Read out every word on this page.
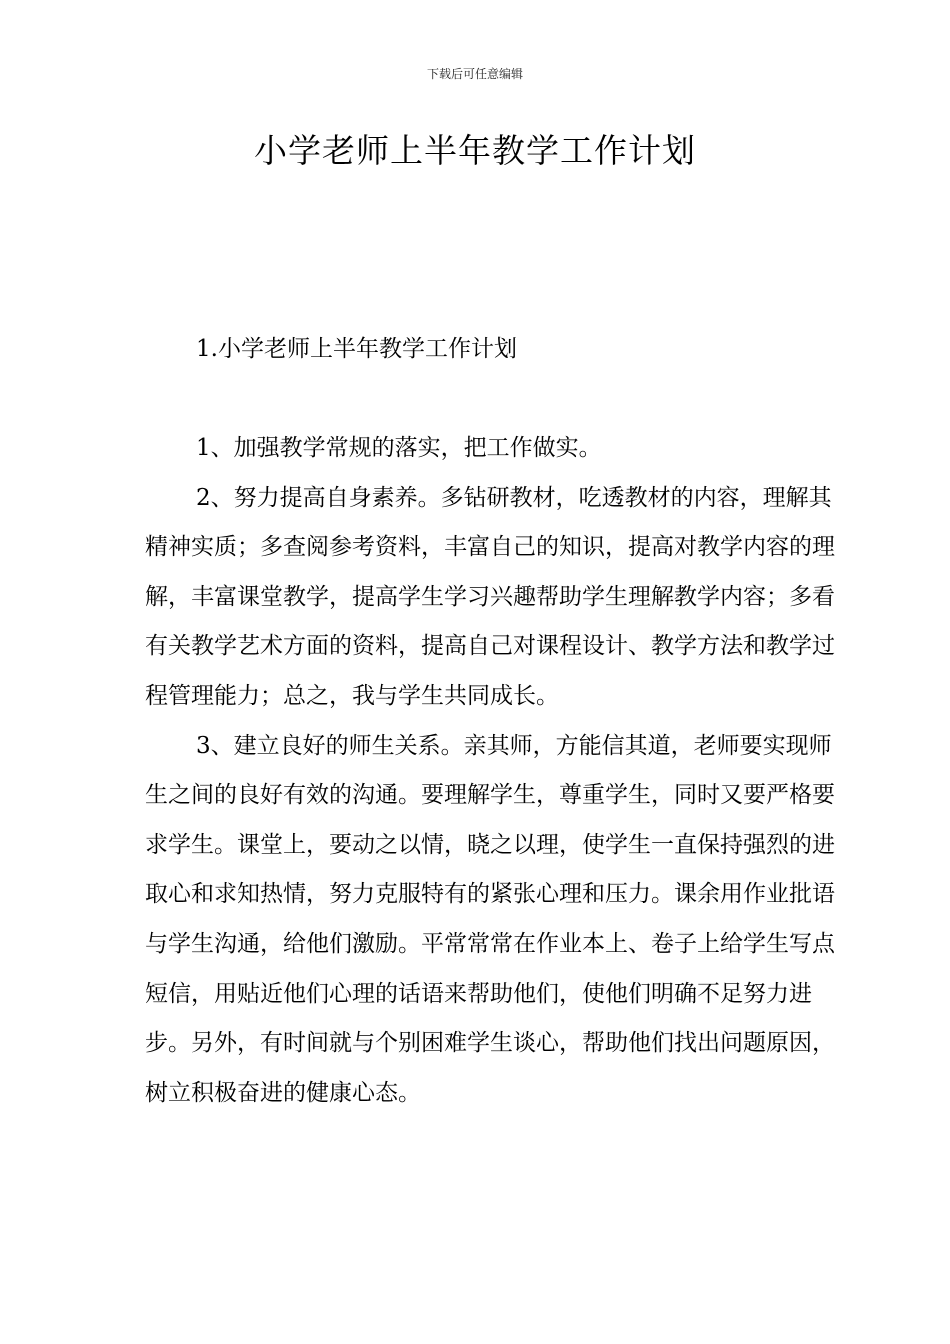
下载后可任意编辑
小学老师上半年教学工作计划
1.小学老师上半年教学工作计划

1、加强教学常规的落实，把工作做实。

2、努力提高自身素养。多钻研教材，吃透教材的内容，理解其精神实质；多查阅参考资料，丰富自己的知识，提高对教学内容的理解，丰富课堂教学，提高学生学习兴趣帮助学生理解教学内容；多看有关教学艺术方面的资料，提高自己对课程设计、教学方法和教学过程管理能力；总之，我与学生共同成长。

3、建立良好的师生关系。亲其师，方能信其道，老师要实现师生之间的良好有效的沟通。要理解学生，尊重学生，同时又要严格要求学生。课堂上，要动之以情，晓之以理，使学生一直保持强烈的进取心和求知热情，努力克服特有的紧张心理和压力。课余用作业批语与学生沟通，给他们激励。平常常常在作业本上、卷子上给学生写点短信，用贴近他们心理的话语来帮助他们，使他们明确不足努力进步。另外，有时间就与个别困难学生谈心，帮助他们找出问题原因，树立积极奋进的健康心态。
